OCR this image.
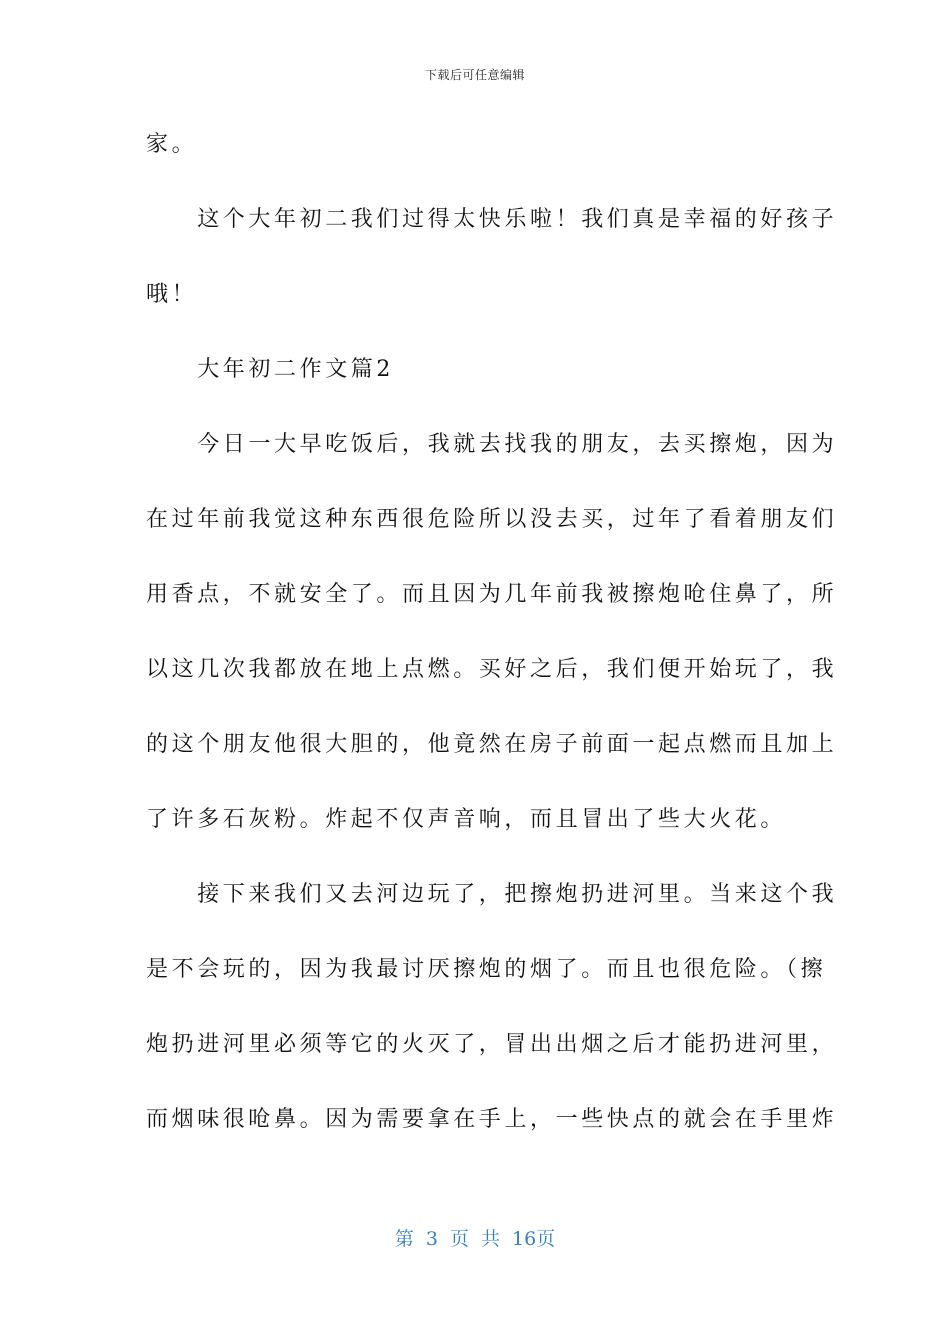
下载后可任意编辑
家。
　　这个大年初二我们过得太快乐啦！我们真是幸福的好孩子
哦！
　　大年初二作文篇2
　　今日一大早吃饭后，我就去找我的朋友，去买擦炮，因为
在过年前我觉这种东西很危险所以没去买，过年了看着朋友们
用香点，不就安全了。而且因为几年前我被擦炮呛住鼻了，所
以这几次我都放在地上点燃。买好之后，我们便开始玩了，我
的这个朋友他很大胆的，他竟然在房子前面一起点燃而且加上
了许多石灰粉。炸起不仅声音响，而且冒出了些大火花。
　　接下来我们又去河边玩了，把擦炮扔进河里。当来这个我
是不会玩的，因为我最讨厌擦炮的烟了。而且也很危险。（擦
炮扔进河里必须等它的火灭了，冒出出烟之后才能扔进河里，
而烟味很呛鼻。因为需要拿在手上，一些快点的就会在手里炸
第 3 页 共 16页
